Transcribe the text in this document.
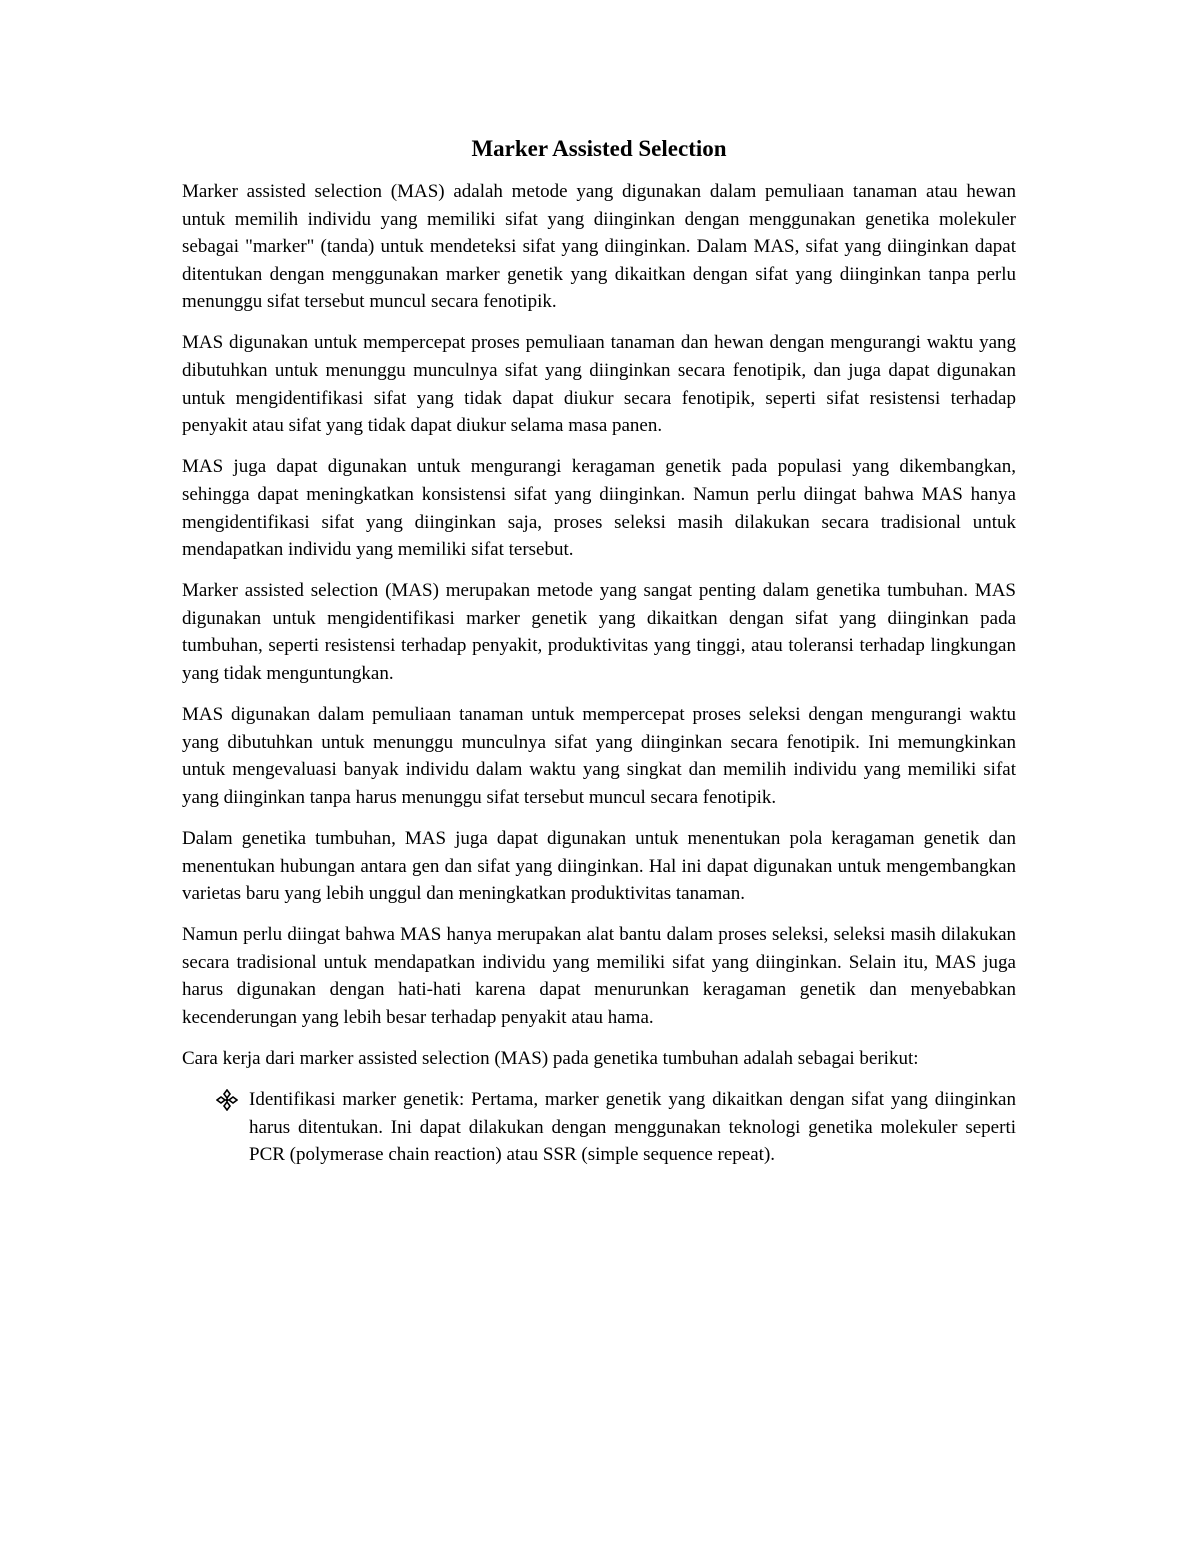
Marker Assisted Selection

Marker assisted selection (MAS) adalah metode yang digunakan dalam pemuliaan tanaman atau hewan untuk memilih individu yang memiliki sifat yang diinginkan dengan menggunakan genetika molekuler sebagai "marker" (tanda) untuk mendeteksi sifat yang diinginkan. Dalam MAS, sifat yang diinginkan dapat ditentukan dengan menggunakan marker genetik yang dikaitkan dengan sifat yang diinginkan tanpa perlu menunggu sifat tersebut muncul secara fenotipik.

MAS digunakan untuk mempercepat proses pemuliaan tanaman dan hewan dengan mengurangi waktu yang dibutuhkan untuk menunggu munculnya sifat yang diinginkan secara fenotipik, dan juga dapat digunakan untuk mengidentifikasi sifat yang tidak dapat diukur secara fenotipik, seperti sifat resistensi terhadap penyakit atau sifat yang tidak dapat diukur selama masa panen.

MAS juga dapat digunakan untuk mengurangi keragaman genetik pada populasi yang dikembangkan, sehingga dapat meningkatkan konsistensi sifat yang diinginkan. Namun perlu diingat bahwa MAS hanya mengidentifikasi sifat yang diinginkan saja, proses seleksi masih dilakukan secara tradisional untuk mendapatkan individu yang memiliki sifat tersebut.

Marker assisted selection (MAS) merupakan metode yang sangat penting dalam genetika tumbuhan. MAS digunakan untuk mengidentifikasi marker genetik yang dikaitkan dengan sifat yang diinginkan pada tumbuhan, seperti resistensi terhadap penyakit, produktivitas yang tinggi, atau toleransi terhadap lingkungan yang tidak menguntungkan.

MAS digunakan dalam pemuliaan tanaman untuk mempercepat proses seleksi dengan mengurangi waktu yang dibutuhkan untuk menunggu munculnya sifat yang diinginkan secara fenotipik. Ini memungkinkan untuk mengevaluasi banyak individu dalam waktu yang singkat dan memilih individu yang memiliki sifat yang diinginkan tanpa harus menunggu sifat tersebut muncul secara fenotipik.

Dalam genetika tumbuhan, MAS juga dapat digunakan untuk menentukan pola keragaman genetik dan menentukan hubungan antara gen dan sifat yang diinginkan. Hal ini dapat digunakan untuk mengembangkan varietas baru yang lebih unggul dan meningkatkan produktivitas tanaman.

Namun perlu diingat bahwa MAS hanya merupakan alat bantu dalam proses seleksi, seleksi masih dilakukan secara tradisional untuk mendapatkan individu yang memiliki sifat yang diinginkan. Selain itu, MAS juga harus digunakan dengan hati-hati karena dapat menurunkan keragaman genetik dan menyebabkan kecenderungan yang lebih besar terhadap penyakit atau hama.

Cara kerja dari marker assisted selection (MAS) pada genetika tumbuhan adalah sebagai berikut:

Identifikasi marker genetik: Pertama, marker genetik yang dikaitkan dengan sifat yang diinginkan harus ditentukan. Ini dapat dilakukan dengan menggunakan teknologi genetika molekuler seperti PCR (polymerase chain reaction) atau SSR (simple sequence repeat).
